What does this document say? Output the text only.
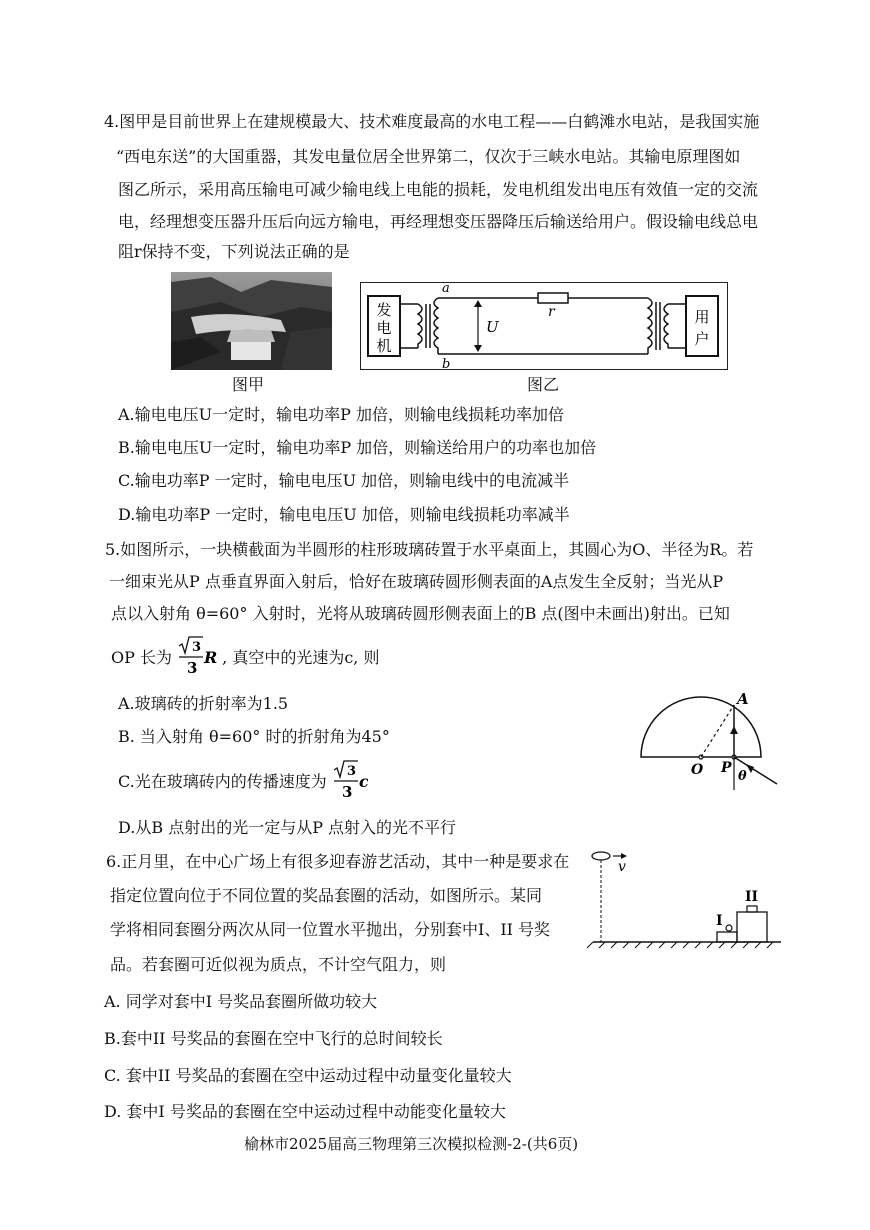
4.图甲是目前世界上在建规模最大、技术难度最高的水电工程——白鹤滩水电站，是我国实施
“西电东送”的大国重器，其发电量位居全世界第二，仅次于三峡水电站。其输电原理图如
图乙所示，采用高压输电可减少输电线上电能的损耗，发电机组发出电压有效值一定的交流
电，经理想变压器升压后向远方输电，再经理想变压器降压后输送给用户。假设输电线总电
阻r保持不变，下列说法正确的是
图甲
发
电
机
U
r
a
b
用
户
图乙
A.输电电压U一定时，输电功率P 加倍，则输电线损耗功率加倍
B.输电电压U一定时，输电功率P 加倍，则输送给用户的功率也加倍
C.输电功率P 一定时，输电电压U 加倍，则输电线中的电流减半
D.输电功率P 一定时，输电电压U 加倍，则输电线损耗功率减半
5.如图所示，一块横截面为半圆形的柱形玻璃砖置于水平桌面上，其圆心为O、半径为R。若
一细束光从P 点垂直界面入射后，恰好在玻璃砖圆形侧表面的A点发生全反射；当光从P
点以入射角 θ=60° 入射时，光将从玻璃砖圆形侧表面上的B 点(图中未画出)射出。已知
OP 长为
3
3
R , 真空中的光速为c, 则
A.玻璃砖的折射率为1.5
B. 当入射角 θ=60° 时的折射角为45°
C.光在玻璃砖内的传播速度为
3
3
c
D.从B 点射出的光一定与从P 点射入的光不平行
A
O P
θ
6.正月里，在中心广场上有很多迎春游艺活动，其中一种是要求在
指定位置向位于不同位置的奖品套圈的活动，如图所示。某同
学将相同套圈分两次从同一位置水平抛出，分别套中I、II 号奖
品。若套圈可近似视为质点，不计空气阻力，则
v
I
II
A. 同学对套中I 号奖品套圈所做功较大
B.套中II 号奖品的套圈在空中飞行的总时间较长
C. 套中II 号奖品的套圈在空中运动过程中动量变化量较大
D. 套中I 号奖品的套圈在空中运动过程中动能变化量较大
榆林市2025届高三物理第三次模拟检测-2-(共6页)
